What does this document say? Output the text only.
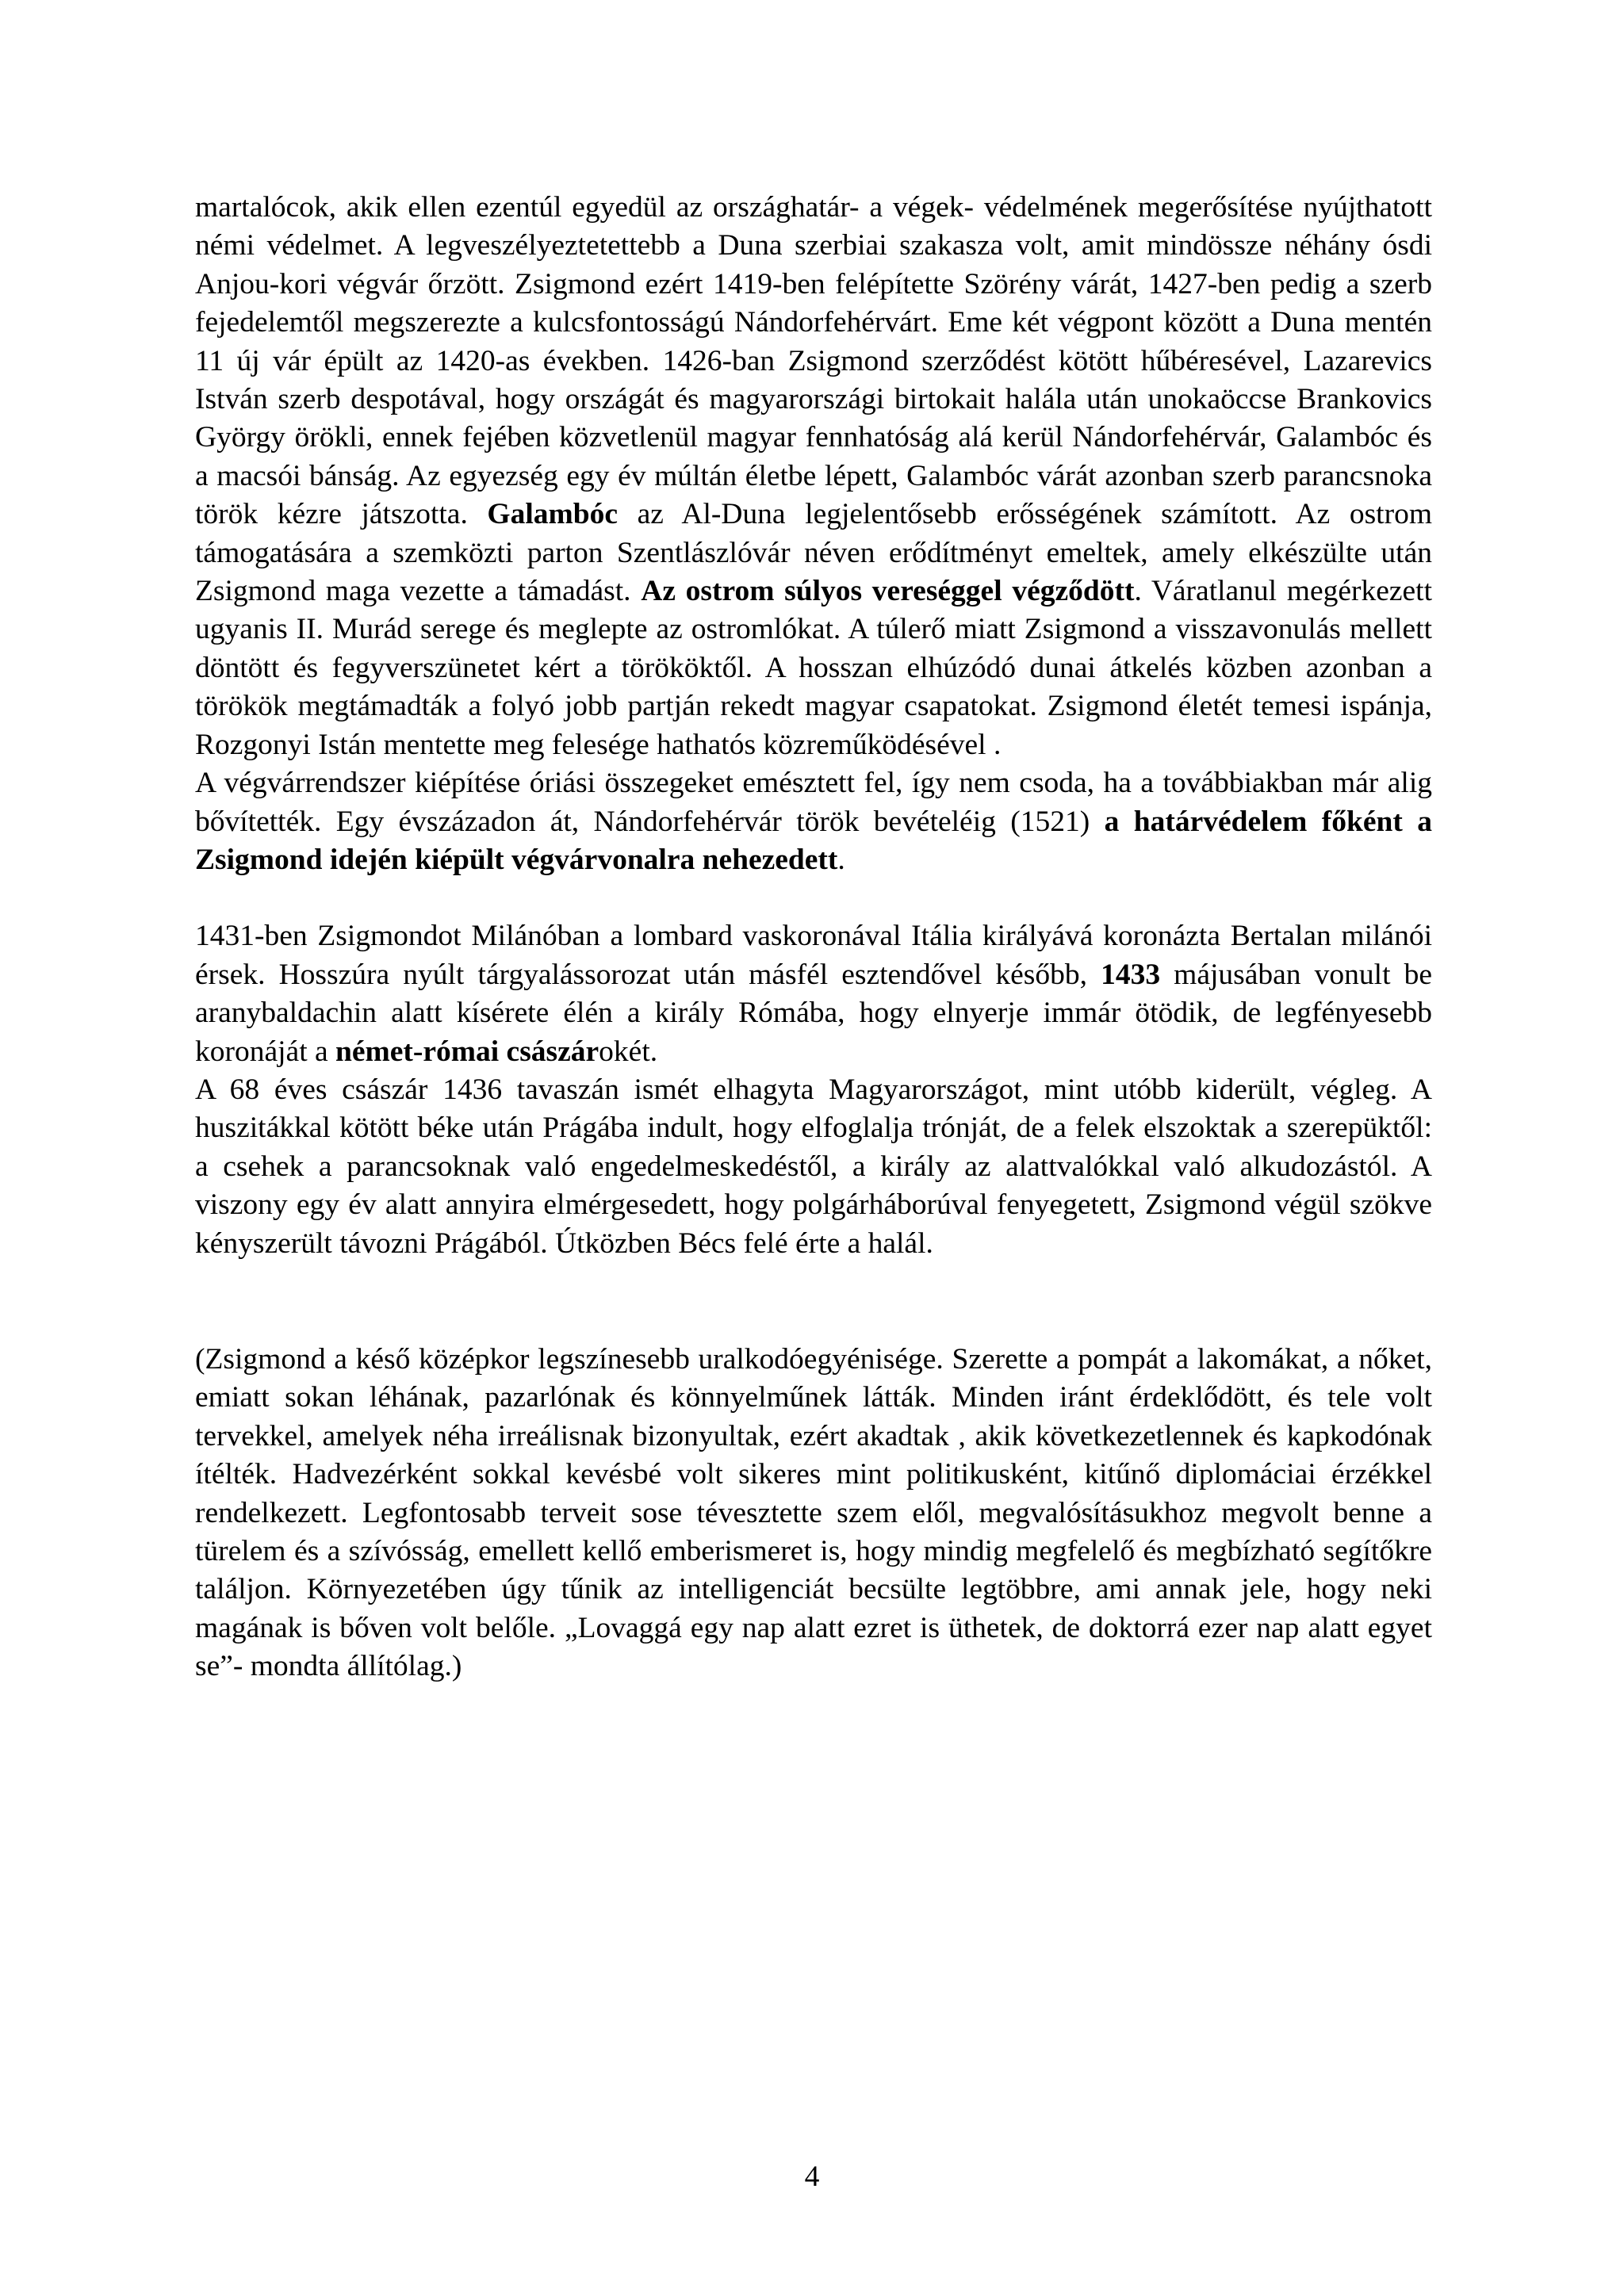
martalócok, akik ellen ezentúl egyedül az országhatár- a végek- védelmének megerősítése nyújthatott némi védelmet. A legveszélyeztetettebb a Duna szerbiai szakasza volt, amit mindössze néhány ósdi Anjou-kori végvár őrzött. Zsigmond ezért 1419-ben felépítette Szörény várát, 1427-ben pedig a szerb fejedelemtől megszerezte a kulcsfontosságú Nándorfehérvárt. Eme két végpont között a Duna mentén 11 új vár épült az 1420-as években. 1426-ban Zsigmond szerződést kötött hűbéresével, Lazarevics István szerb despotával, hogy országát és magyarországi birtokait halála után unokaöccse Brankovics György örökli, ennek fejében közvetlenül magyar fennhatóság alá kerül Nándorfehérvár, Galambóc és a macsói bánság. Az egyezség egy év múltán életbe lépett, Galambóc várát azonban szerb parancsnoka török kézre játszotta. Galambóc az Al-Duna legjelentősebb erősségének számított. Az ostrom támogatására a szemközti parton Szentlászlóvár néven erődítményt emeltek, amely elkészülte után Zsigmond maga vezette a támadást. Az ostrom súlyos vereséggel végződött. Váratlanul megérkezett ugyanis II. Murád serege és meglepte az ostromlókat. A túlerő miatt Zsigmond a visszavonulás mellett döntött és fegyverszünetet kért a törököktől. A hosszan elhúzódó dunai átkelés közben azonban a törökök megtámadták a folyó jobb partján rekedt magyar csapatokat. Zsigmond életét temesi ispánja, Rozgonyi Istán mentette meg felesége hathatós közreműködésével .

A végvárrendszer kiépítése óriási összegeket emésztett fel, így nem csoda, ha a továbbiakban már alig bővítették. Egy évszázadon át, Nándorfehérvár török bevételéig (1521) a határvédelem főként a Zsigmond idején kiépült végvárvonalra nehezedett.

1431-ben Zsigmondot Milánóban a lombard vaskoronával Itália királyává koronázta Bertalan milánói érsek. Hosszúra nyúlt tárgyalássorozat után másfél esztendővel később, 1433 májusában vonult be aranybaldachin alatt kísérete élén a király Rómába, hogy elnyerje immár ötödik, de legfényesebb koronáját a német-római császárokét.

A 68 éves császár 1436 tavaszán ismét elhagyta Magyarországot, mint utóbb kiderült, végleg. A huszitákkal kötött béke után Prágába indult, hogy elfoglalja trónját, de a felek elszoktak a szerepüktől: a csehek a parancsoknak való engedelmeskedéstől, a király az alattvalókkal való alkudozástól. A viszony egy év alatt annyira elmérgesedett, hogy polgárháborúval fenyegetett, Zsigmond végül szökve kényszerült távozni Prágából. Útközben Bécs felé érte a halál.

(Zsigmond a késő középkor legszínesebb uralkodóegyénisége. Szerette a pompát a lakomákat, a nőket, emiatt sokan léhának, pazarlónak és könnyelműnek látták. Minden iránt érdeklődött, és tele volt tervekkel, amelyek néha irreálisnak bizonyultak, ezért akadtak , akik következetlennek és kapkodónak ítélték. Hadvezérként sokkal kevésbé volt sikeres mint politikusként, kitűnő diplomáciai érzékkel rendelkezett. Legfontosabb terveit sose tévesztette szem elől, megvalósításukhoz megvolt benne a türelem és a szívósság, emellett kellő emberismeret is, hogy mindig megfelelő és megbízható segítőkre találjon. Környezetében úgy tűnik az intelligenciát becsülte legtöbbre, ami annak jele, hogy neki magának is bőven volt belőle. „Lovaggá egy nap alatt ezret is üthetek, de doktorrá ezer nap alatt egyet se”- mondta állítólag.)

4
